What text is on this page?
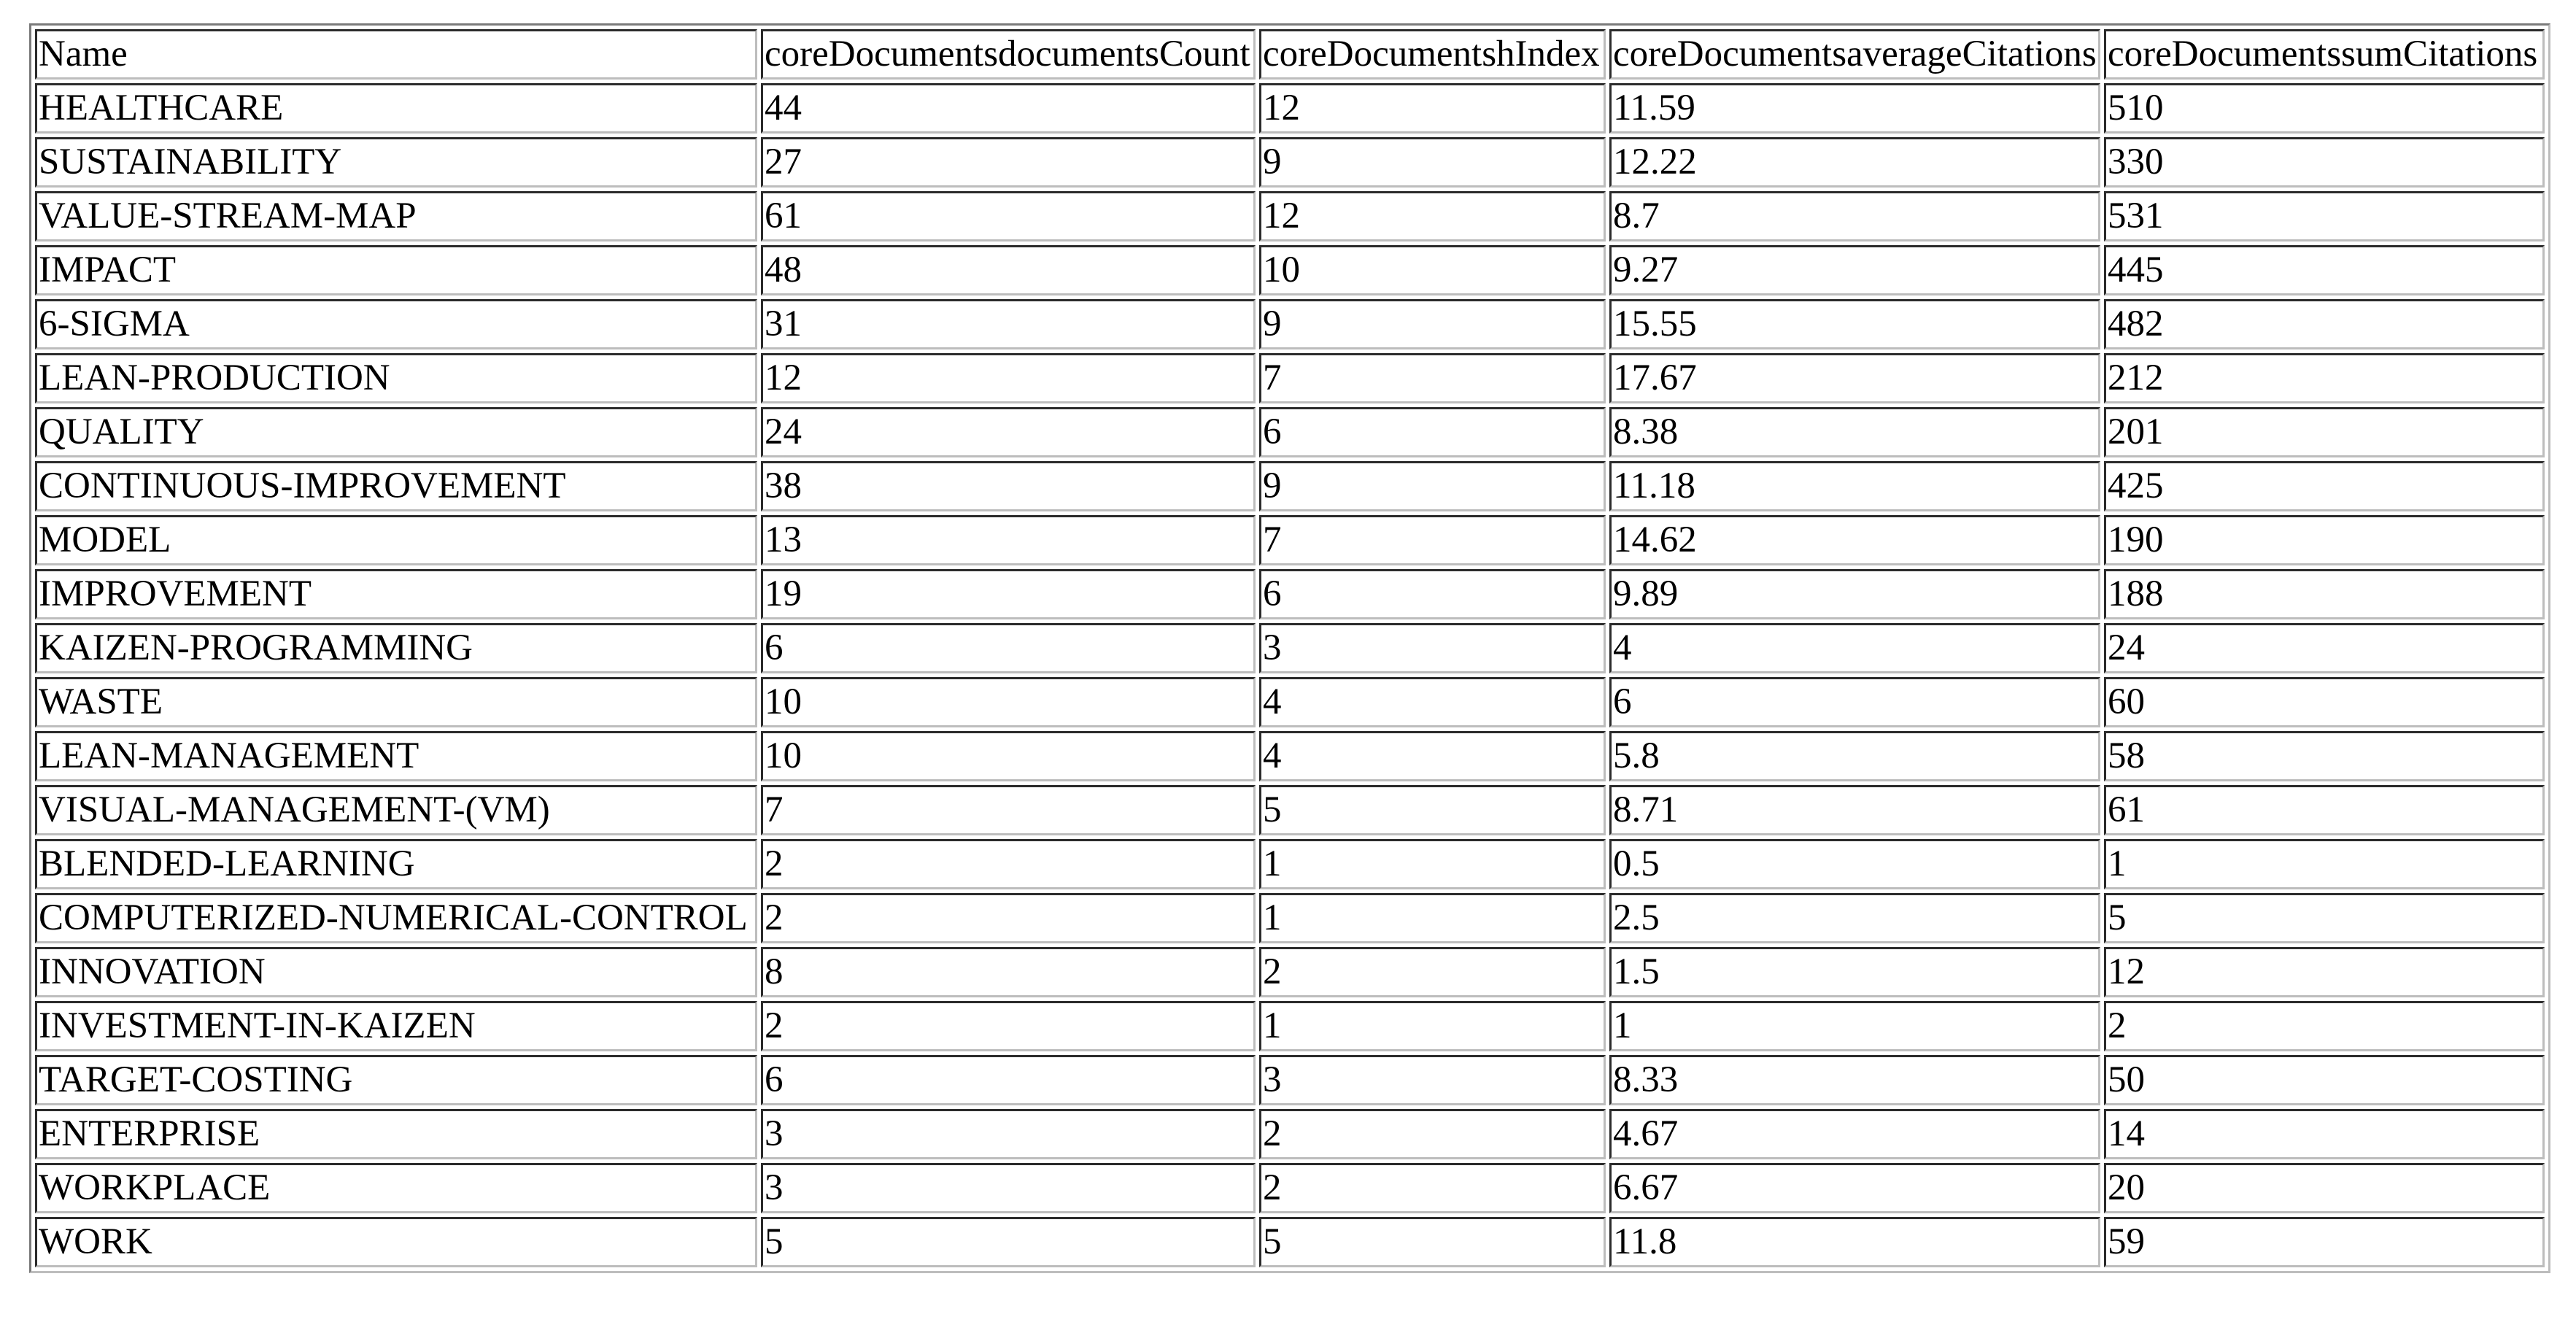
Name	coreDocumentsdocumentsCount	coreDocumentshIndex	coreDocumentsaverageCitations	coreDocumentssumCitations
HEALTHCARE	44	12	11.59	510
SUSTAINABILITY	27	9	12.22	330
VALUE-STREAM-MAP	61	12	8.7	531
IMPACT	48	10	9.27	445
6-SIGMA	31	9	15.55	482
LEAN-PRODUCTION	12	7	17.67	212
QUALITY	24	6	8.38	201
CONTINUOUS-IMPROVEMENT	38	9	11.18	425
MODEL	13	7	14.62	190
IMPROVEMENT	19	6	9.89	188
KAIZEN-PROGRAMMING	6	3	4	24
WASTE	10	4	6	60
LEAN-MANAGEMENT	10	4	5.8	58
VISUAL-MANAGEMENT-(VM)	7	5	8.71	61
BLENDED-LEARNING	2	1	0.5	1
COMPUTERIZED-NUMERICAL-CONTROL	2	1	2.5	5
INNOVATION	8	2	1.5	12
INVESTMENT-IN-KAIZEN	2	1	1	2
TARGET-COSTING	6	3	8.33	50
ENTERPRISE	3	2	4.67	14
WORKPLACE	3	2	6.67	20
WORK	5	5	11.8	59
